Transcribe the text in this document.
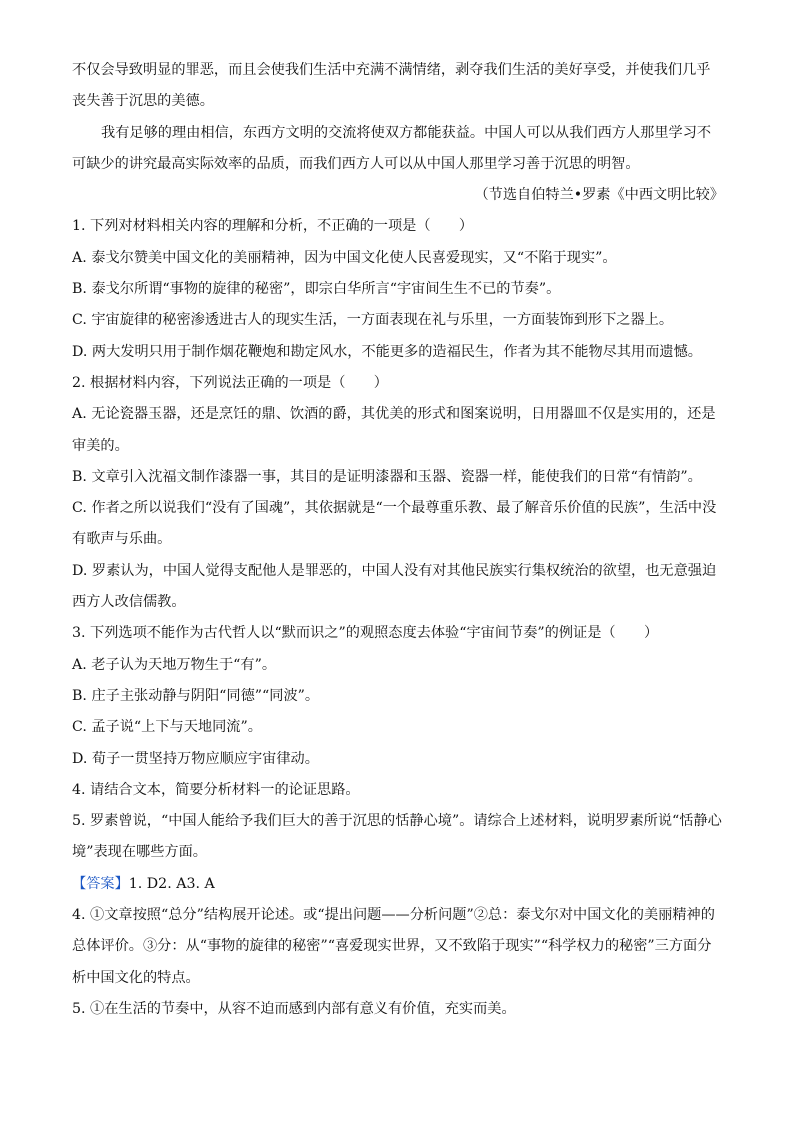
不仅会导致明显的罪恶，而且会使我们生活中充满不满情绪，剥夺我们生活的美好享受，并使我们几乎丧失善于沉思的美德。

我有足够的理由相信，东西方文明的交流将使双方都能获益。中国人可以从我们西方人那里学习不可缺少的讲究最高实际效率的品质，而我们西方人可以从中国人那里学习善于沉思的明智。

（节选自伯特兰•罗素《中西文明比较》

1. 下列对材料相关内容的理解和分析，不正确的一项是（　　）

A. 泰戈尔赞美中国文化的美丽精神，因为中国文化使人民喜爱现实，又“不陷于现实”。

B. 泰戈尔所谓“事物的旋律的秘密”，即宗白华所言“宇宙间生生不已的节奏”。

C. 宇宙旋律的秘密渗透进古人的现实生活，一方面表现在礼与乐里，一方面装饰到形下之器上。

D. 两大发明只用于制作烟花鞭炮和勘定风水，不能更多的造福民生，作者为其不能物尽其用而遗憾。

2. 根据材料内容，下列说法正确的一项是（　　）

A. 无论瓷器玉器，还是烹饪的鼎、饮酒的爵，其优美的形式和图案说明，日用器皿不仅是实用的，还是审美的。

B. 文章引入沈福文制作漆器一事，其目的是证明漆器和玉器、瓷器一样，能使我们的日常“有情韵”。

C. 作者之所以说我们“没有了国魂”，其依据就是“一个最尊重乐教、最了解音乐价值的民族”，生活中没有歌声与乐曲。

D. 罗素认为，中国人觉得支配他人是罪恶的，中国人没有对其他民族实行集权统治的欲望，也无意强迫西方人改信儒教。

3. 下列选项不能作为古代哲人以“默而识之”的观照态度去体验“宇宙间节奏”的例证是（　　）

A. 老子认为天地万物生于“有”。

B. 庄子主张动静与阴阳“同德”“同波”。

C. 孟子说“上下与天地同流”。

D. 荀子一贯坚持万物应顺应宇宙律动。

4. 请结合文本，简要分析材料一的论证思路。

5. 罗素曾说，“中国人能给予我们巨大的善于沉思的恬静心境”。请综合上述材料，说明罗素所说“恬静心境”表现在哪些方面。

【答案】1. D2. A3. A

4. ①文章按照“总分”结构展开论述。或“提出问题——分析问题”②总：泰戈尔对中国文化的美丽精神的总体评价。③分：从“事物的旋律的秘密”“喜爱现实世界，又不致陷于现实”“科学权力的秘密”三方面分析中国文化的特点。

5. ①在生活的节奏中，从容不迫而感到内部有意义有价值，充实而美。
